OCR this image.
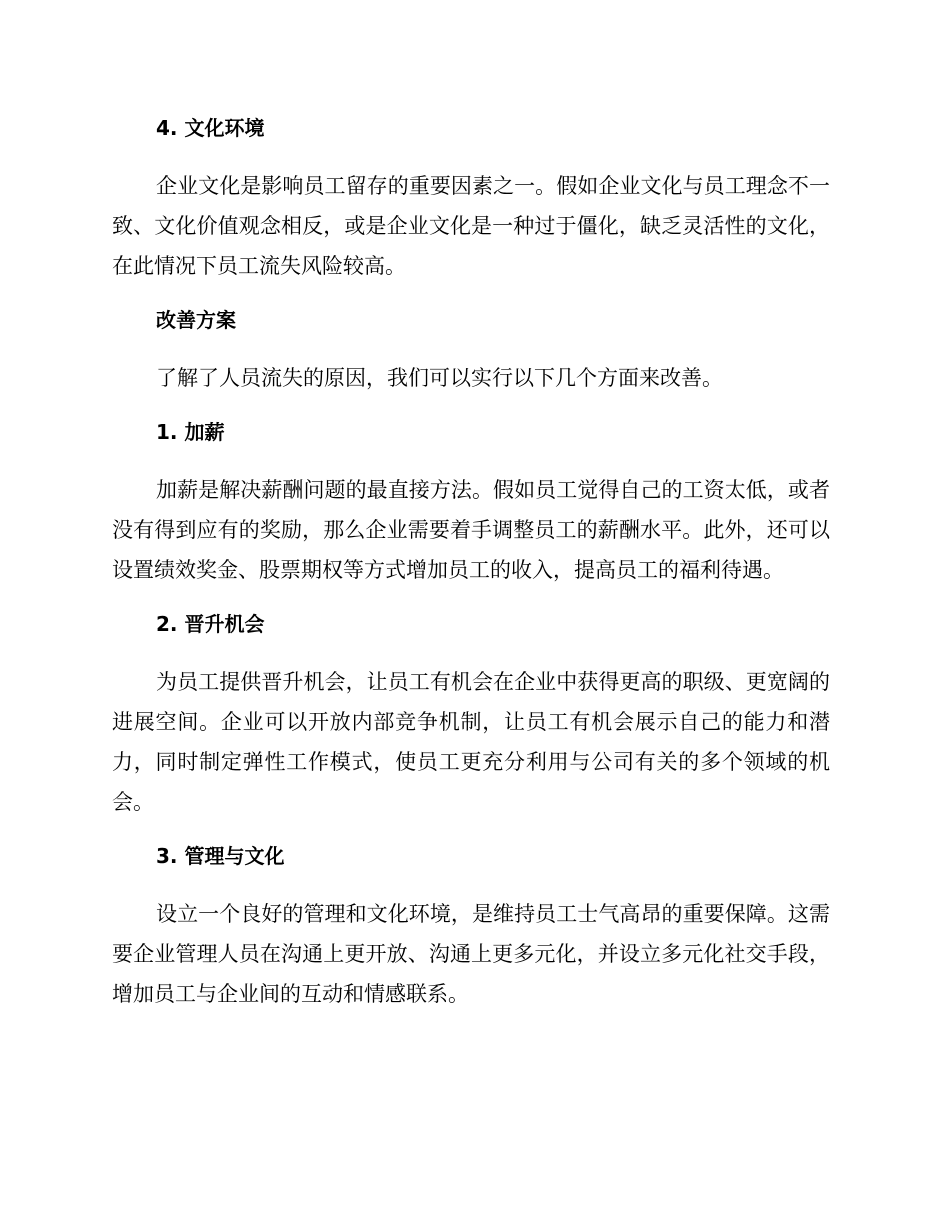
4. 文化环境

企业文化是影响员工留存的重要因素之一。假如企业文化与员工理念不一致、文化价值观念相反，或是企业文化是一种过于僵化，缺乏灵活性的文化，在此情况下员工流失风险较高。

改善方案

了解了人员流失的原因，我们可以实行以下几个方面来改善。

1. 加薪

加薪是解决薪酬问题的最直接方法。假如员工觉得自己的工资太低，或者没有得到应有的奖励，那么企业需要着手调整员工的薪酬水平。此外，还可以设置绩效奖金、股票期权等方式增加员工的收入，提高员工的福利待遇。

2. 晋升机会

为员工提供晋升机会，让员工有机会在企业中获得更高的职级、更宽阔的进展空间。企业可以开放内部竞争机制，让员工有机会展示自己的能力和潜力，同时制定弹性工作模式，使员工更充分利用与公司有关的多个领域的机会。

3. 管理与文化

设立一个良好的管理和文化环境，是维持员工士气高昂的重要保障。这需要企业管理人员在沟通上更开放、沟通上更多元化，并设立多元化社交手段，增加员工与企业间的互动和情感联系。
